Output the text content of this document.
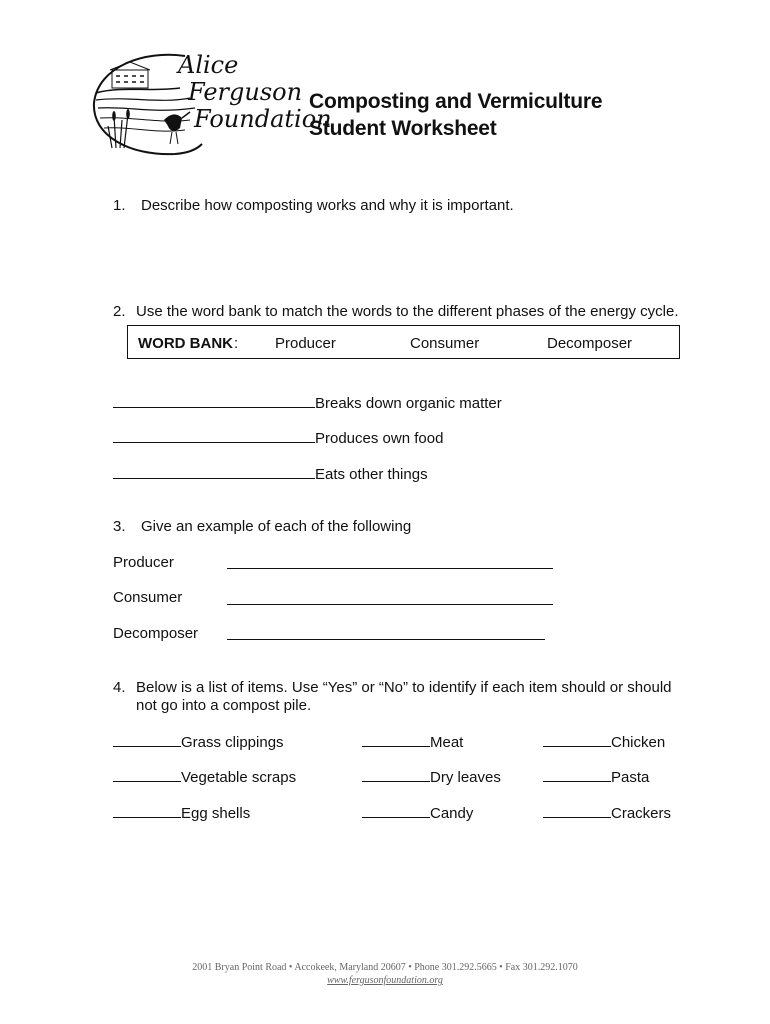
Alice
Ferguson
Foundation
Composting and Vermiculture
Student Worksheet
1. Describe how composting works and why it is important.
2. Use the word bank to match the words to the different phases of the energy cycle.
WORD BANK : Producer	Consumer	Decomposer
Breaks down organic matter
Produces own food
Eats other things
3. Give an example of each of the following
Producer
Consumer
Decomposer
4. Below is a list of items. Use “Yes” or “No” to identify if each item should or should
not go into a compost pile.
Grass clippings	Meat	Chicken
Vegetable scraps	Dry leaves	Pasta
Egg shells	Candy	Crackers
2001 Bryan Point Road • Accokeek, Maryland 20607 • Phone 301.292.5665 • Fax 301.292.1070
www.fergusonfoundation.org
